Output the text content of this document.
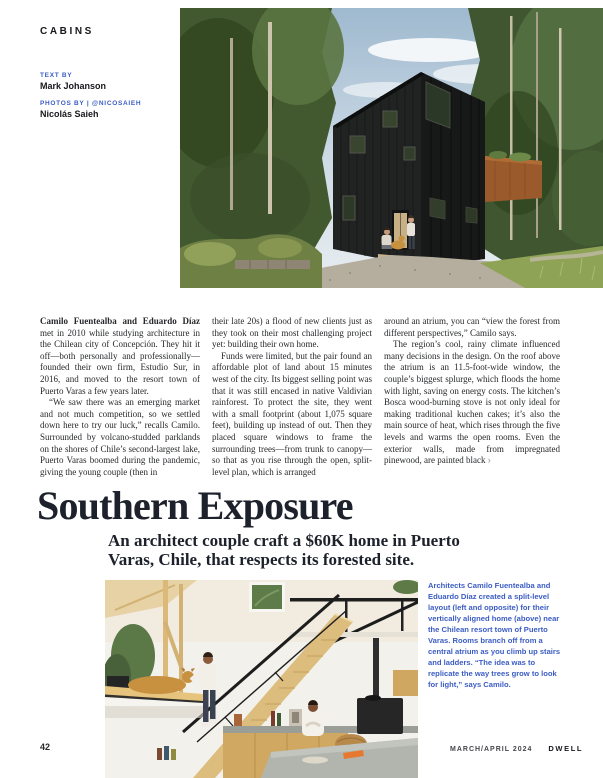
CABINS
TEXT BY
Mark Johanson
PHOTOS BY | @NICOSAIEH
Nicolás Saieh

Camilo Fuentealba and Eduardo Díaz met in 2010 while studying architecture in the Chilean city of Concepción. They hit it off—both personally and professionally—founded their own firm, Estudio Sur, in 2016, and moved to the resort town of Puerto Varas a few years later.

“We saw there was an emerging market and not much competition, so we settled down here to try our luck,” recalls Camilo. Surrounded by volcano-studded parklands on the shores of Chile’s second-largest lake, Puerto Varas boomed during the pandemic, giving the young couple (then in

their late 20s) a flood of new clients just as they took on their most challenging project yet: building their own home.

Funds were limited, but the pair found an affordable plot of land about 15 minutes west of the city. Its biggest selling point was that it was still encased in native Valdivian rainforest. To protect the site, they went with a small footprint (about 1,075 square feet), building up instead of out. Then they placed square windows to frame the surrounding trees—from trunk to canopy—so that as you rise through the open, split-level plan, which is arranged

around an atrium, you can “view the forest from different perspectives,” Camilo says.

The region’s cool, rainy climate influenced many decisions in the design. On the roof above the atrium is an 11.5-foot-wide window, the couple’s biggest splurge, which floods the home with light, saving on energy costs. The kitchen’s Bosca wood-burning stove is not only ideal for making traditional kuchen cakes; it’s also the main source of heat, which rises through the five levels and warms the open rooms. Even the exterior walls, made from impregnated pinewood, are painted black ›

Southern Exposure
An architect couple craft a $60K home in Puerto Varas, Chile, that respects its forested site.
Architects Camilo Fuentealba and Eduardo Díaz created a split-level layout (left and opposite) for their vertically aligned home (above) near the Chilean resort town of Puerto Varas. Rooms branch off from a central atrium as you climb up stairs and ladders. “The idea was to replicate the way trees grow to look for light,” says Camilo.
42	MARCH/APRIL 2024 DWELL
